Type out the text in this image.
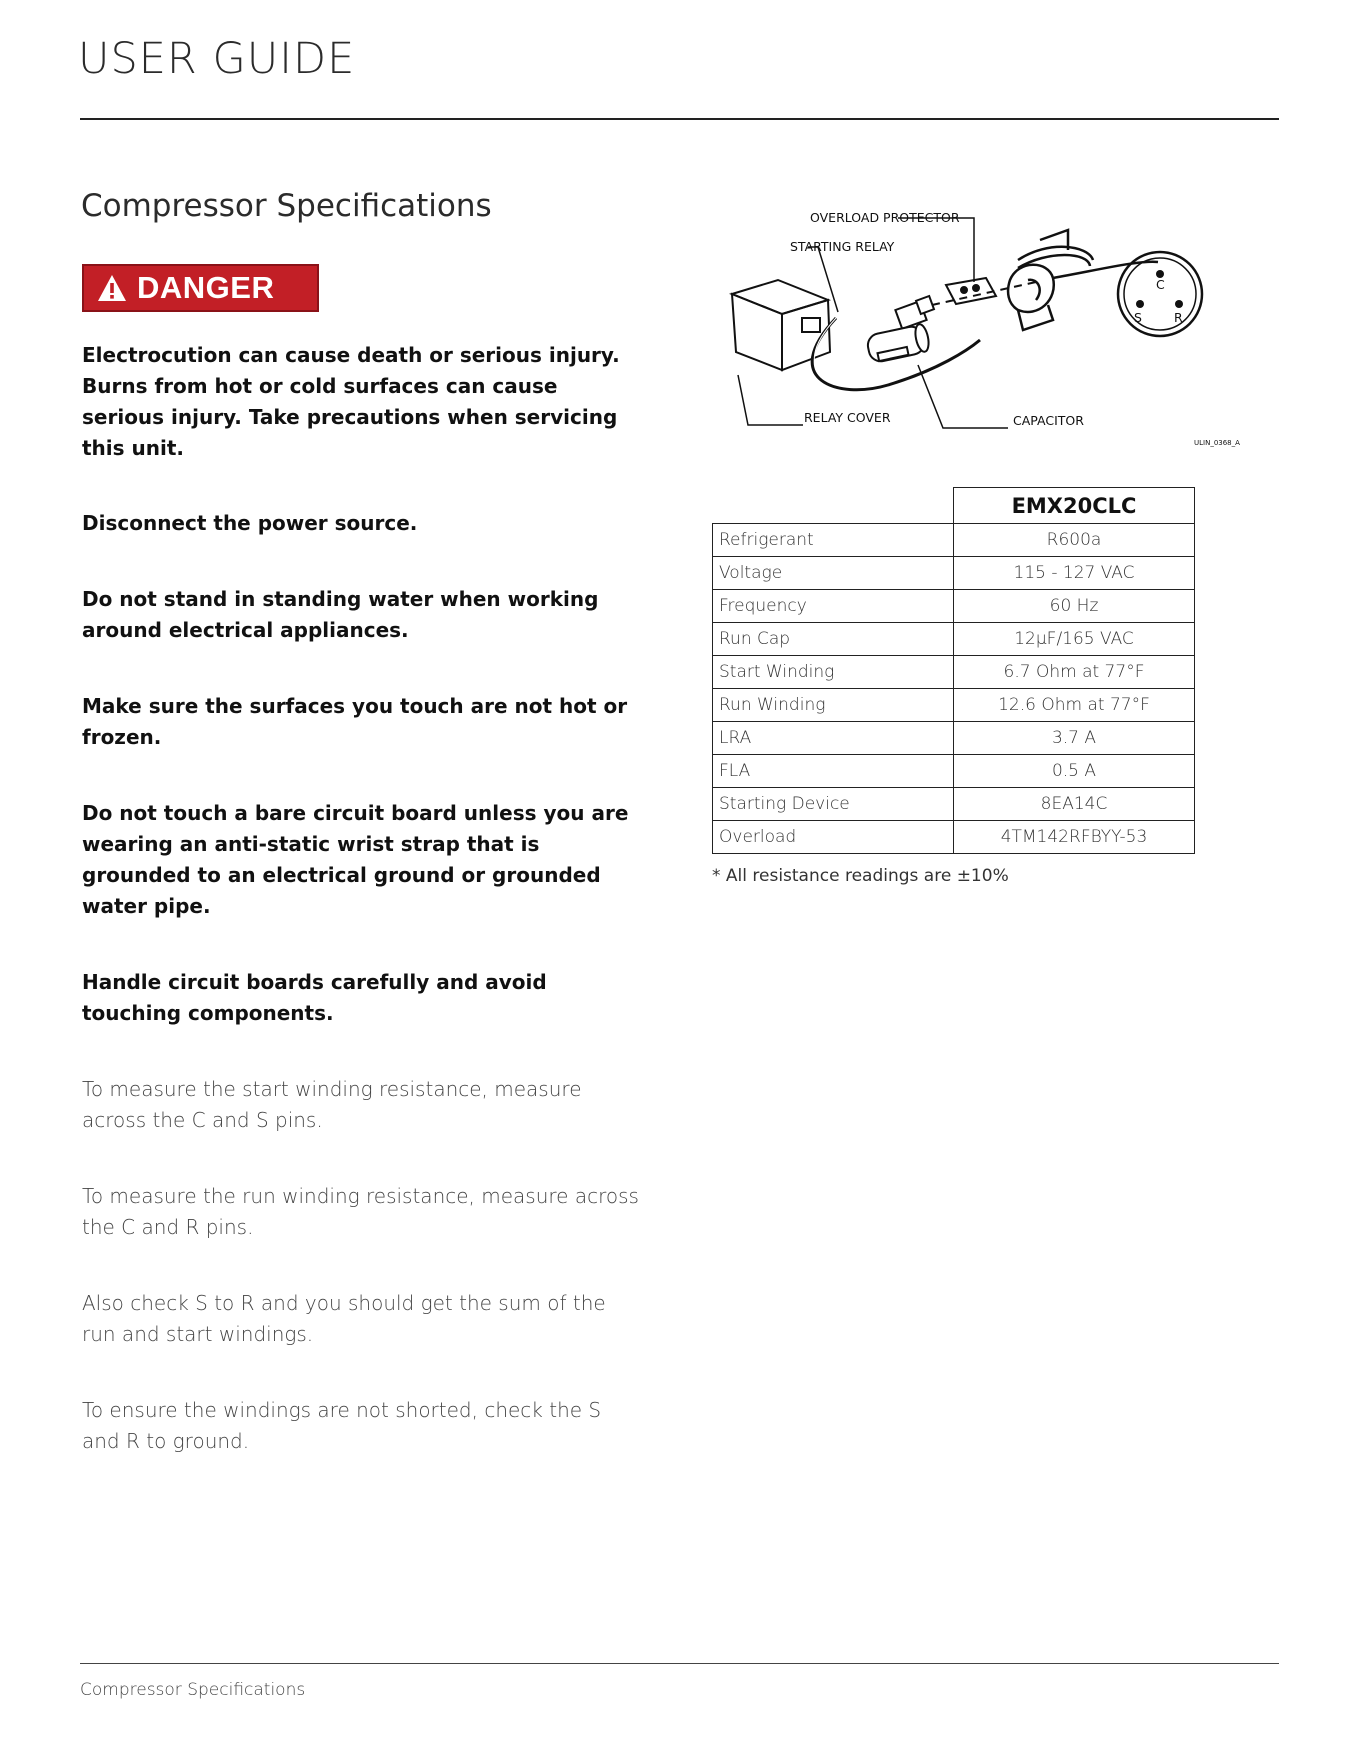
USER GUIDE
Compressor Specifications
DANGER

Electrocution can cause death or serious injury. Burns from hot or cold surfaces can cause serious injury. Take precautions when servicing this unit.

Disconnect the power source.

Do not stand in standing water when working around electrical appliances.

Make sure the surfaces you touch are not hot or frozen.

Do not touch a bare circuit board unless you are wearing an anti-static wrist strap that is grounded to an electrical ground or grounded water pipe.

Handle circuit boards carefully and avoid touching components.

To measure the start winding resistance, measure across the C and S pins.

To measure the run winding resistance, measure across the C and R pins.

Also check S to R and you should get the sum of the run and start windings.

To ensure the windings are not shorted, check the S and R to ground.

C
S	R
OVERLOAD PROTECTOR
STARTING RELAY
RELAY COVER	CAPACITOR
ULIN_0368_A
	EMX20CLC
Refrigerant	R600a
Voltage	115 - 127 VAC
Frequency	60 Hz
Run Cap	12µF/165 VAC
Start Winding	6.7 Ohm at 77°F
Run Winding	12.6 Ohm at 77°F
LRA	3.7 A
FLA	0.5 A
Starting Device	8EA14C
Overload	4TM142RFBYY-53
* All resistance readings are ±10%
Compressor Specifications
